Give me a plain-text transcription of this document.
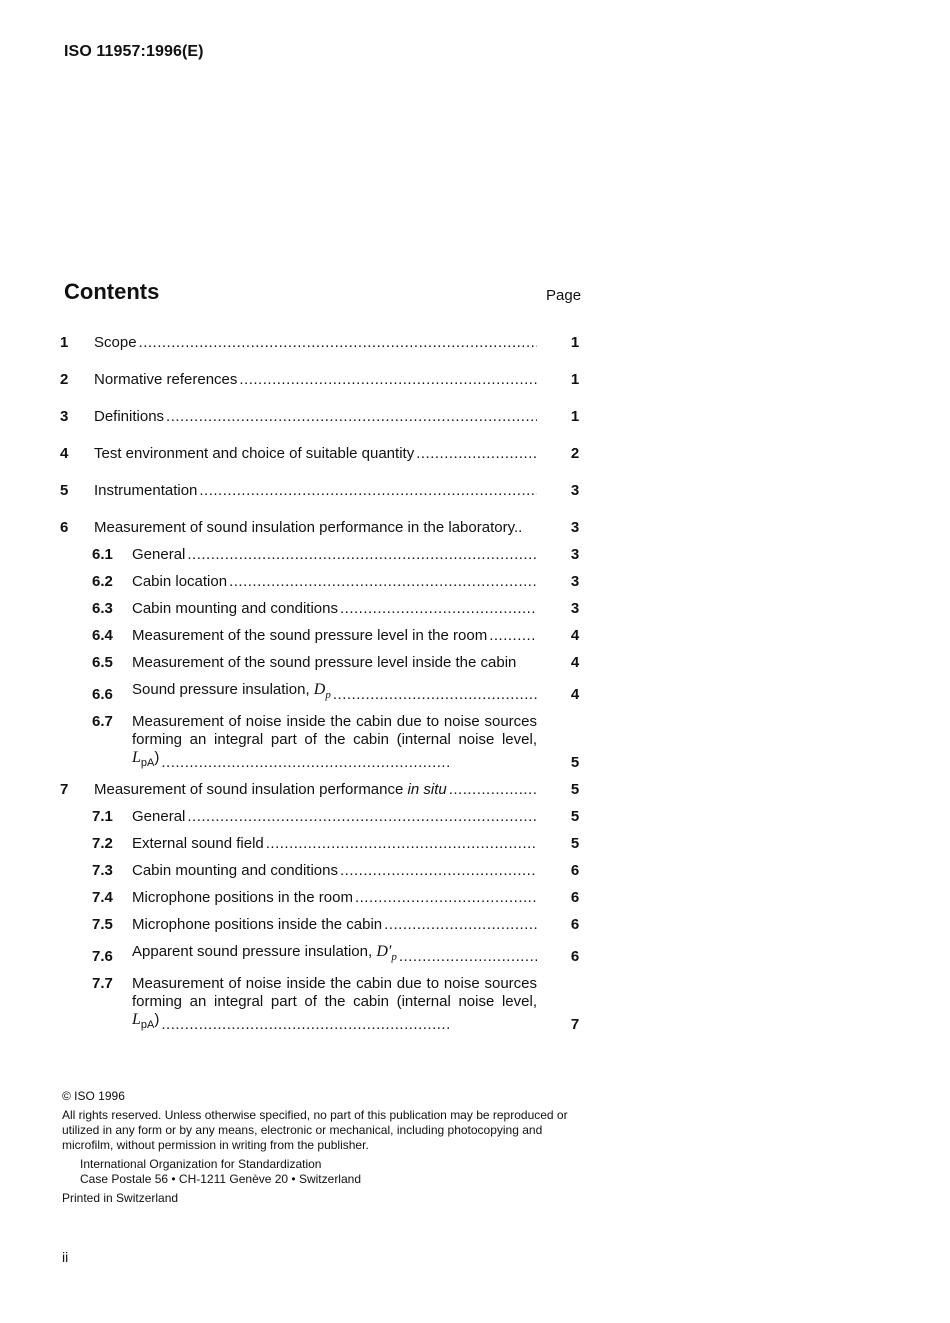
ISO 11957:1996(E)
Contents	Page
1	Scope .....	1
2	Normative references .....	1
3	Definitions .....	1
4	Test environment and choice of suitable quantity .....	2
5	Instrumentation .....	3
6	Measurement of sound insulation performance in the laboratory..	3
6.1	General .....	3
6.2	Cabin location .....	3
6.3	Cabin mounting and conditions .....	3
6.4	Measurement of the sound pressure level in the room .....	4
6.5	Measurement of the sound pressure level inside the cabin	4
6.6	Sound pressure insulation, $D_p$ .....	4
6.7	Measurement of noise inside the cabin due to noise sources forming an integral part of the cabin (internal noise level, $L_{pA}$) .....	5
7	Measurement of sound insulation performance in situ .....	5
7.1	General .....	5
7.2	External sound field .....	5
7.3	Cabin mounting and conditions .....	6
7.4	Microphone positions in the room .....	6
7.5	Microphone positions inside the cabin .....	6
7.6	Apparent sound pressure insulation, $D'_p$ .....	6
7.7	Measurement of noise inside the cabin due to noise sources forming an integral part of the cabin (internal noise level, $L_{pA}$) .....	7
© ISO 1996
All rights reserved. Unless otherwise specified, no part of this publication may be reproduced or utilized in any form or by any means, electronic or mechanical, including photocopying and microfilm, without permission in writing from the publisher.
International Organization for Standardization
Case Postale 56 • CH-1211 Genève 20 • Switzerland
Printed in Switzerland
ii
